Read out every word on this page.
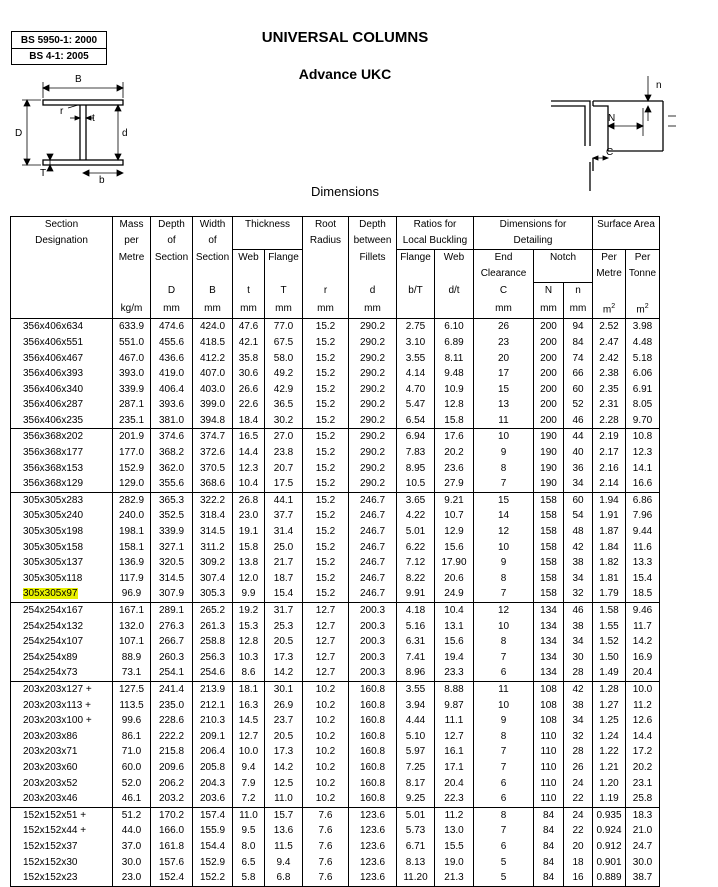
BS 5950-1: 2000
BS 4-1: 2005
UNIVERSAL COLUMNS
Advance UKC
Dimensions
B
D
r
t
d
T
b
n
N
C
Section	Mass	Depth	Width	Thickness		Root	Depth	Ratios for		Dimensions for			Surface Area	
Designation	per	of	of			Radius	between	Local Buckling		Detailing				
	Metre	Section	Section	Web	Flange		Fillets	Flange	Web	End	Notch		Per	Per
										Clearance			Metre	Tonne
		D	B	t	T	r	d	b/T	d/t	C	N	n		
	kg/m	mm	mm	mm	mm	mm	mm			mm	mm	mm	$m^2$	$m^2$
356x406x634	633.9	474.6	424.0	47.6	77.0	15.2	290.2	2.75	6.10	26	200	94	2.52	3.98
356x406x551	551.0	455.6	418.5	42.1	67.5	15.2	290.2	3.10	6.89	23	200	84	2.47	4.48
356x406x467	467.0	436.6	412.2	35.8	58.0	15.2	290.2	3.55	8.11	20	200	74	2.42	5.18
356x406x393	393.0	419.0	407.0	30.6	49.2	15.2	290.2	4.14	9.48	17	200	66	2.38	6.06
356x406x340	339.9	406.4	403.0	26.6	42.9	15.2	290.2	4.70	10.9	15	200	60	2.35	6.91
356x406x287	287.1	393.6	399.0	22.6	36.5	15.2	290.2	5.47	12.8	13	200	52	2.31	8.05
356x406x235	235.1	381.0	394.8	18.4	30.2	15.2	290.2	6.54	15.8	11	200	46	2.28	9.70
356x368x202	201.9	374.6	374.7	16.5	27.0	15.2	290.2	6.94	17.6	10	190	44	2.19	10.8
356x368x177	177.0	368.2	372.6	14.4	23.8	15.2	290.2	7.83	20.2	9	190	40	2.17	12.3
356x368x153	152.9	362.0	370.5	12.3	20.7	15.2	290.2	8.95	23.6	8	190	36	2.16	14.1
356x368x129	129.0	355.6	368.6	10.4	17.5	15.2	290.2	10.5	27.9	7	190	34	2.14	16.6
305x305x283	282.9	365.3	322.2	26.8	44.1	15.2	246.7	3.65	9.21	15	158	60	1.94	6.86
305x305x240	240.0	352.5	318.4	23.0	37.7	15.2	246.7	4.22	10.7	14	158	54	1.91	7.96
305x305x198	198.1	339.9	314.5	19.1	31.4	15.2	246.7	5.01	12.9	12	158	48	1.87	9.44
305x305x158	158.1	327.1	311.2	15.8	25.0	15.2	246.7	6.22	15.6	10	158	42	1.84	11.6
305x305x137	136.9	320.5	309.2	13.8	21.7	15.2	246.7	7.12	17.90	9	158	38	1.82	13.3
305x305x118	117.9	314.5	307.4	12.0	18.7	15.2	246.7	8.22	20.6	8	158	34	1.81	15.4
305x305x97	96.9	307.9	305.3	9.9	15.4	15.2	246.7	9.91	24.9	7	158	32	1.79	18.5
254x254x167	167.1	289.1	265.2	19.2	31.7	12.7	200.3	4.18	10.4	12	134	46	1.58	9.46
254x254x132	132.0	276.3	261.3	15.3	25.3	12.7	200.3	5.16	13.1	10	134	38	1.55	11.7
254x254x107	107.1	266.7	258.8	12.8	20.5	12.7	200.3	6.31	15.6	8	134	34	1.52	14.2
254x254x89	88.9	260.3	256.3	10.3	17.3	12.7	200.3	7.41	19.4	7	134	30	1.50	16.9
254x254x73	73.1	254.1	254.6	8.6	14.2	12.7	200.3	8.96	23.3	6	134	28	1.49	20.4
203x203x127 +	127.5	241.4	213.9	18.1	30.1	10.2	160.8	3.55	8.88	11	108	42	1.28	10.0
203x203x113 +	113.5	235.0	212.1	16.3	26.9	10.2	160.8	3.94	9.87	10	108	38	1.27	11.2
203x203x100 +	99.6	228.6	210.3	14.5	23.7	10.2	160.8	4.44	11.1	9	108	34	1.25	12.6
203x203x86	86.1	222.2	209.1	12.7	20.5	10.2	160.8	5.10	12.7	8	110	32	1.24	14.4
203x203x71	71.0	215.8	206.4	10.0	17.3	10.2	160.8	5.97	16.1	7	110	28	1.22	17.2
203x203x60	60.0	209.6	205.8	9.4	14.2	10.2	160.8	7.25	17.1	7	110	26	1.21	20.2
203x203x52	52.0	206.2	204.3	7.9	12.5	10.2	160.8	8.17	20.4	6	110	24	1.20	23.1
203x203x46	46.1	203.2	203.6	7.2	11.0	10.2	160.8	9.25	22.3	6	110	22	1.19	25.8
152x152x51 +	51.2	170.2	157.4	11.0	15.7	7.6	123.6	5.01	11.2	8	84	24	0.935	18.3
152x152x44 +	44.0	166.0	155.9	9.5	13.6	7.6	123.6	5.73	13.0	7	84	22	0.924	21.0
152x152x37	37.0	161.8	154.4	8.0	11.5	7.6	123.6	6.71	15.5	6	84	20	0.912	24.7
152x152x30	30.0	157.6	152.9	6.5	9.4	7.6	123.6	8.13	19.0	5	84	18	0.901	30.0
152x152x23	23.0	152.4	152.2	5.8	6.8	7.6	123.6	11.20	21.3	5	84	16	0.889	38.7
